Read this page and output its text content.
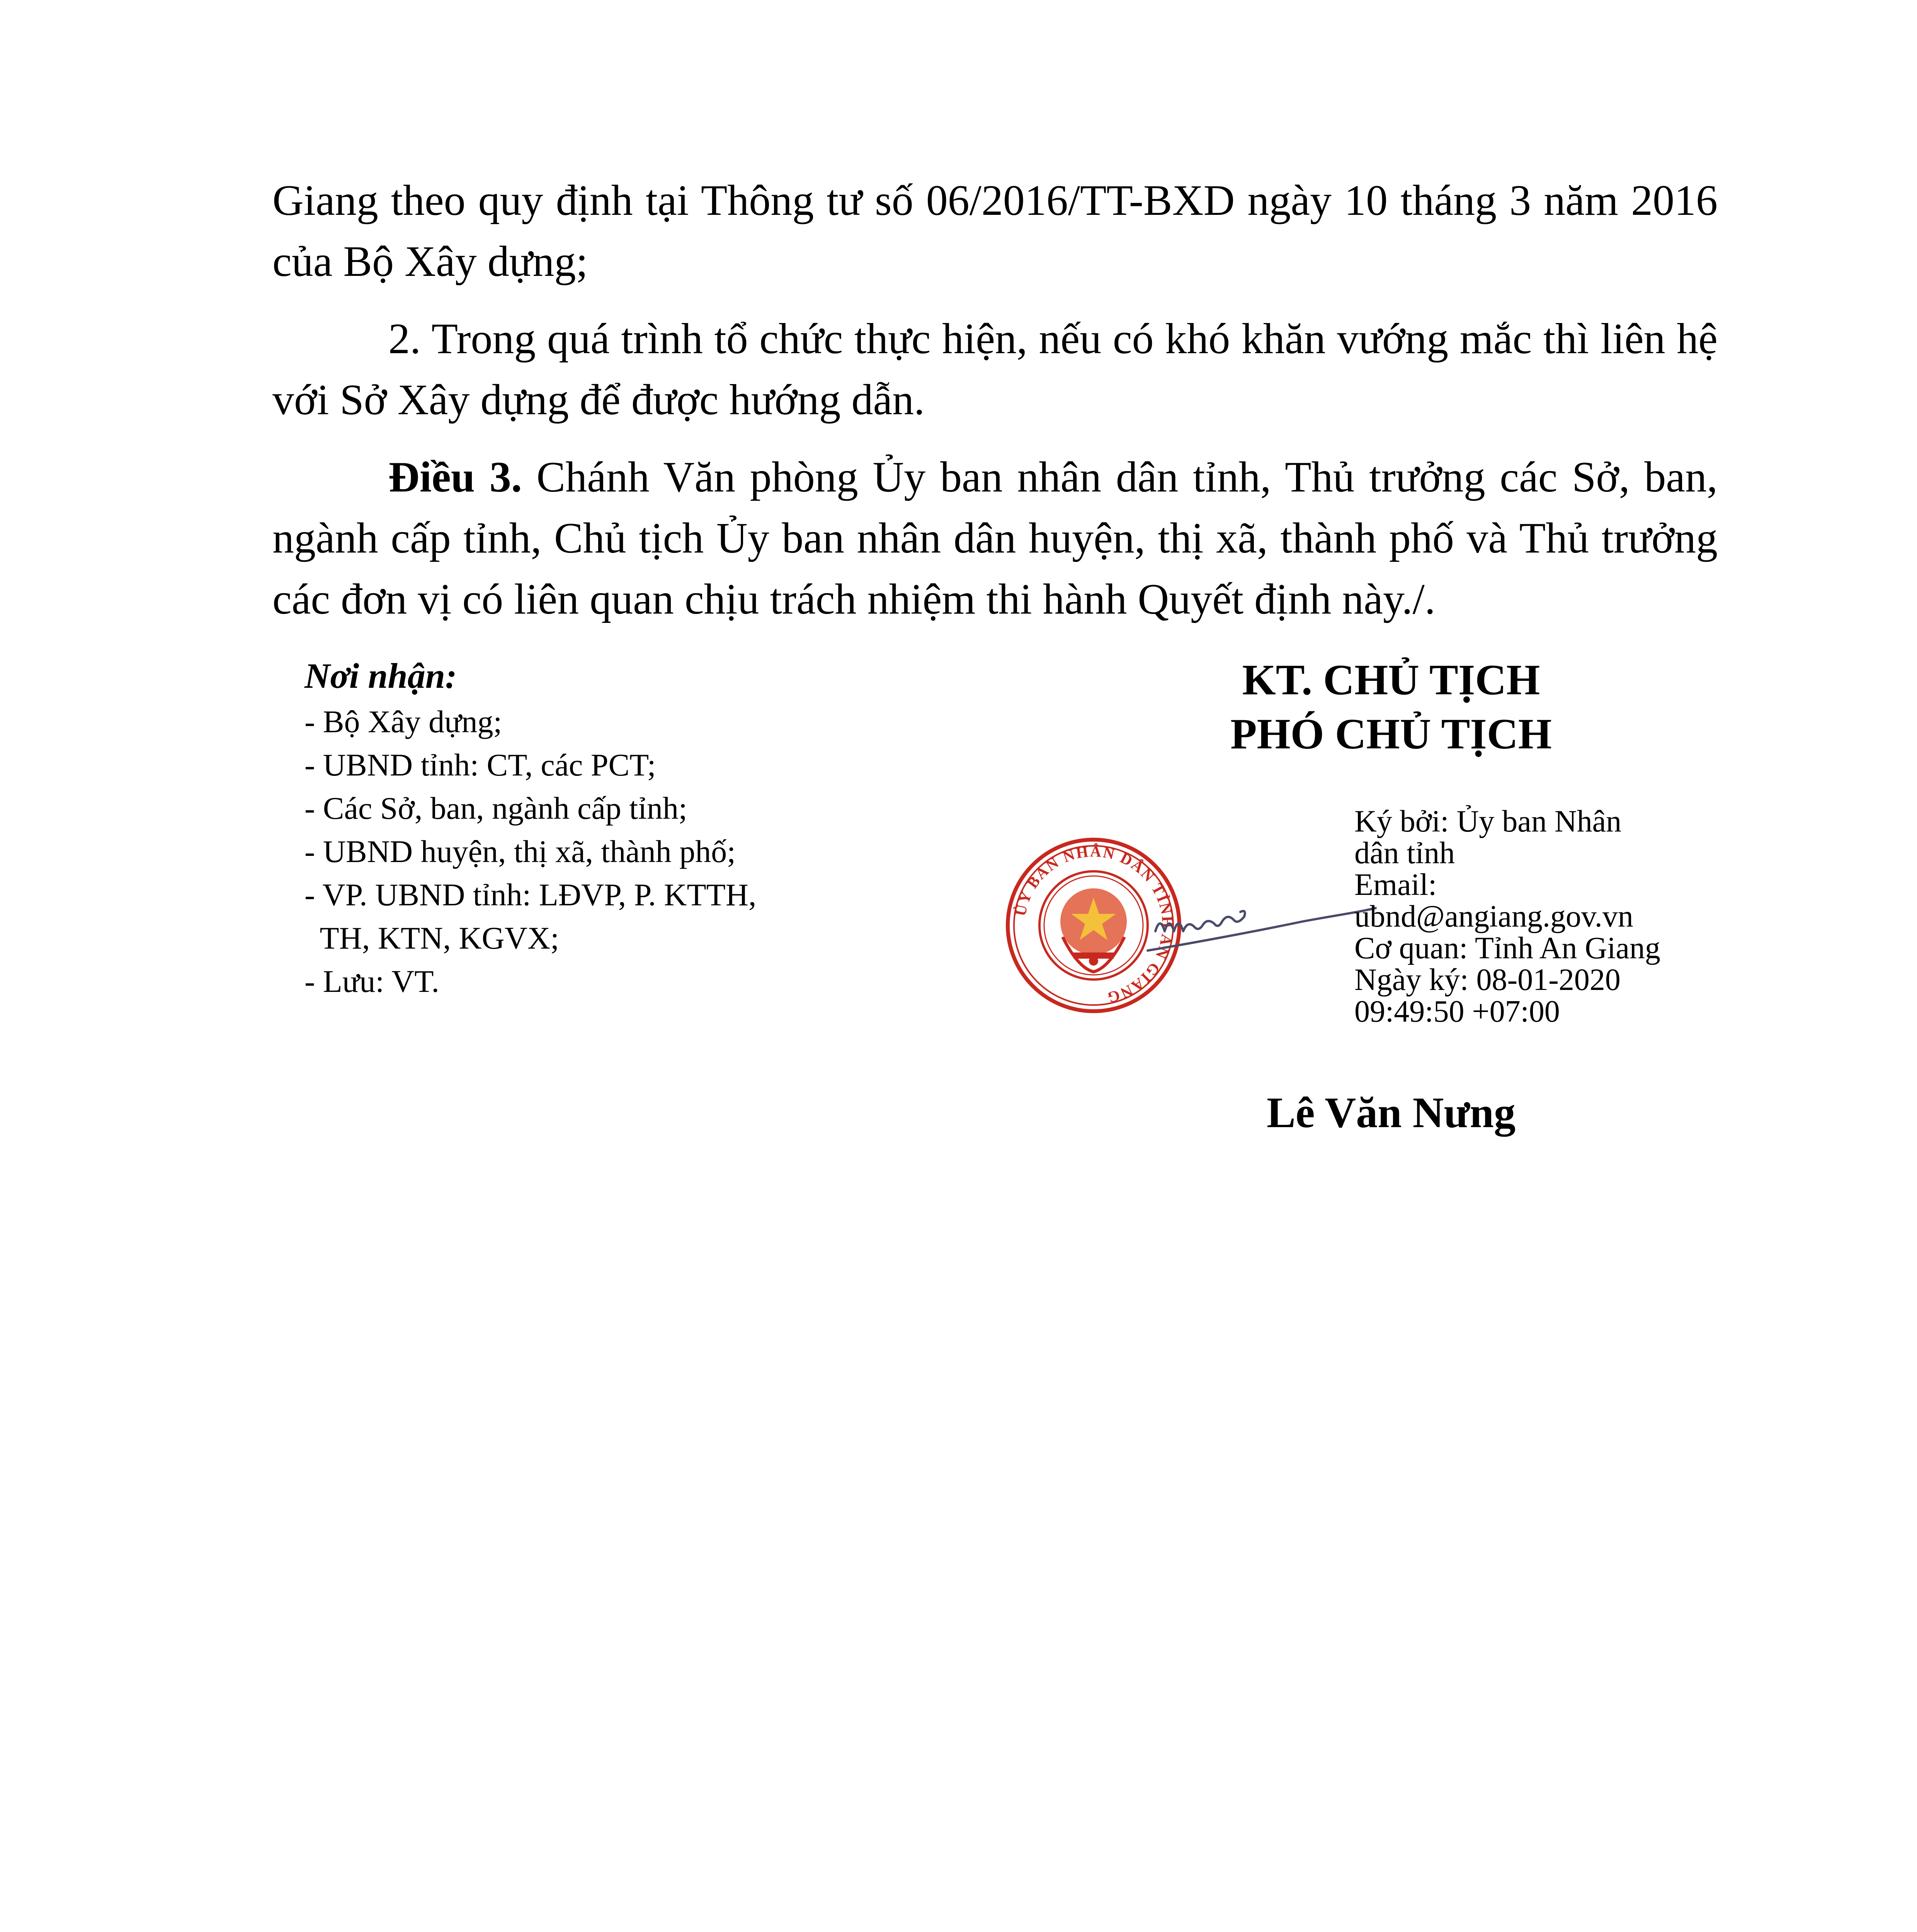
Giang theo quy định tại Thông tư số 06/2016/TT-BXD ngày 10 tháng 3 năm 2016 của Bộ Xây dựng;

2. Trong quá trình tổ chức thực hiện, nếu có khó khăn vướng mắc thì liên hệ với Sở Xây dựng để được hướng dẫn.

Điều 3. Chánh Văn phòng Ủy ban nhân dân tỉnh, Thủ trưởng các Sở, ban, ngành cấp tỉnh, Chủ tịch Ủy ban nhân dân huyện, thị xã, thành phố và Thủ trưởng các đơn vị có liên quan chịu trách nhiệm thi hành Quyết định này./.

Nơi nhận:
- Bộ Xây dựng;
- UBND tỉnh: CT, các PCT;
- Các Sở, ban, ngành cấp tỉnh;
- UBND huyện, thị xã, thành phố;
- VP. UBND tỉnh: LĐVP, P. KTTH,
TH, KTN, KGVX;
- Lưu: VT.
KT. CHỦ TỊCH
PHÓ CHỦ TỊCH
ỦY BAN NHÂN DÂN TỈNH AN GIANG
Ký bởi: Ủy ban Nhân
dân tỉnh
Email:
ubnd@angiang.gov.vn
Cơ quan: Tỉnh An Giang
Ngày ký: 08-01-2020
09:49:50 +07:00
Lê Văn Nưng
